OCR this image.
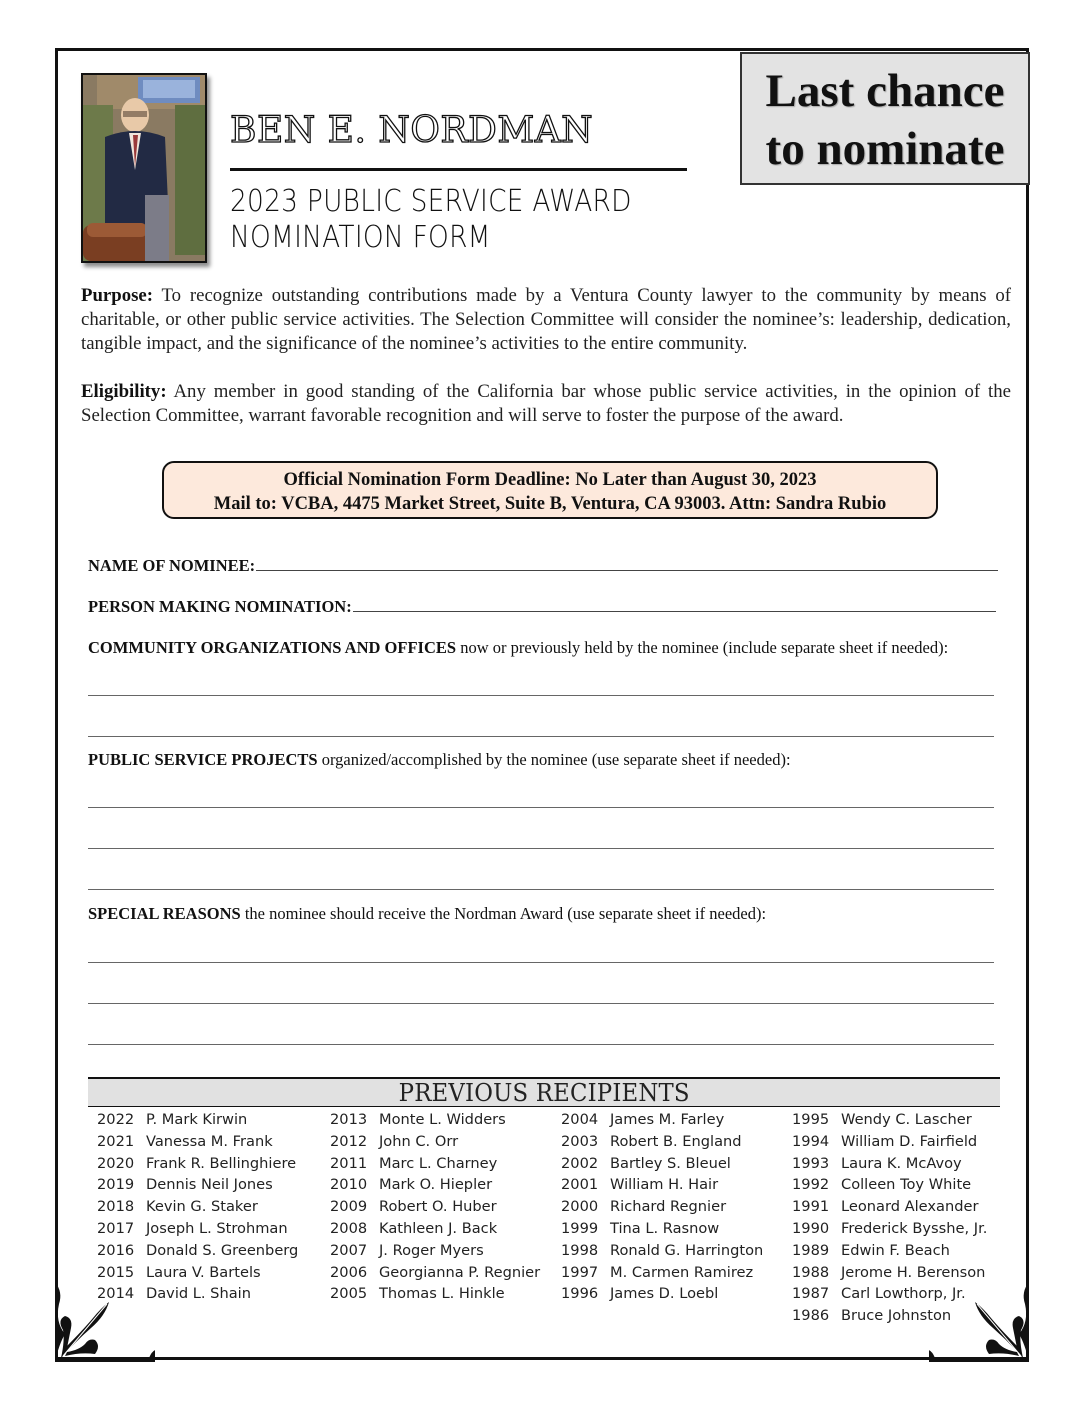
BEN E. NORDMAN
2023 PUBLIC SERVICE AWARD
NOMINATION FORM
Last chance
to nominate
Purpose: To recognize outstanding contributions made by a Ventura County lawyer to the community by means of charitable, or other public service activities. The Selection Committee will consider the nominee’s: leadership, dedication, tangible impact, and the significance of the nominee’s activities to the entire community.
Eligibility: Any member in good standing of the California bar whose public service activities, in the opinion of the Selection Committee, warrant favorable recognition and will serve to foster the purpose of the award.
Official Nomination Form Deadline: No Later than August 30, 2023
Mail to: VCBA, 4475 Market Street, Suite B, Ventura, CA 93003. Attn: Sandra Rubio
NAME OF NOMINEE:
PERSON MAKING NOMINATION:
COMMUNITY ORGANIZATIONS AND OFFICES now or previously held by the nominee (include separate sheet if needed):
PUBLIC SERVICE PROJECTS organized/accomplished by the nominee (use separate sheet if needed):
SPECIAL REASONS the nominee should receive the Nordman Award (use separate sheet if needed):
PREVIOUS RECIPIENTS
2022 P. Mark Kirwin
2021 Vanessa M. Frank
2020 Frank R. Bellinghiere
2019 Dennis Neil Jones
2018 Kevin G. Staker
2017 Joseph L. Strohman
2016 Donald S. Greenberg
2015 Laura V. Bartels
2014 David L. Shain
2013 Monte L. Widders
2012 John C. Orr
2011 Marc L. Charney
2010 Mark O. Hiepler
2009 Robert O. Huber
2008 Kathleen J. Back
2007 J. Roger Myers
2006 Georgianna P. Regnier
2005 Thomas L. Hinkle
2004 James M. Farley
2003 Robert B. England
2002 Bartley S. Bleuel
2001 William H. Hair
2000 Richard Regnier
1999 Tina L. Rasnow
1998 Ronald G. Harrington
1997 M. Carmen Ramirez
1996 James D. Loebl
1995 Wendy C. Lascher
1994 William D. Fairfield
1993 Laura K. McAvoy
1992 Colleen Toy White
1991 Leonard Alexander
1990 Frederick Bysshe, Jr.
1989 Edwin F. Beach
1988 Jerome H. Berenson
1987 Carl Lowthorp, Jr.
1986 Bruce Johnston
